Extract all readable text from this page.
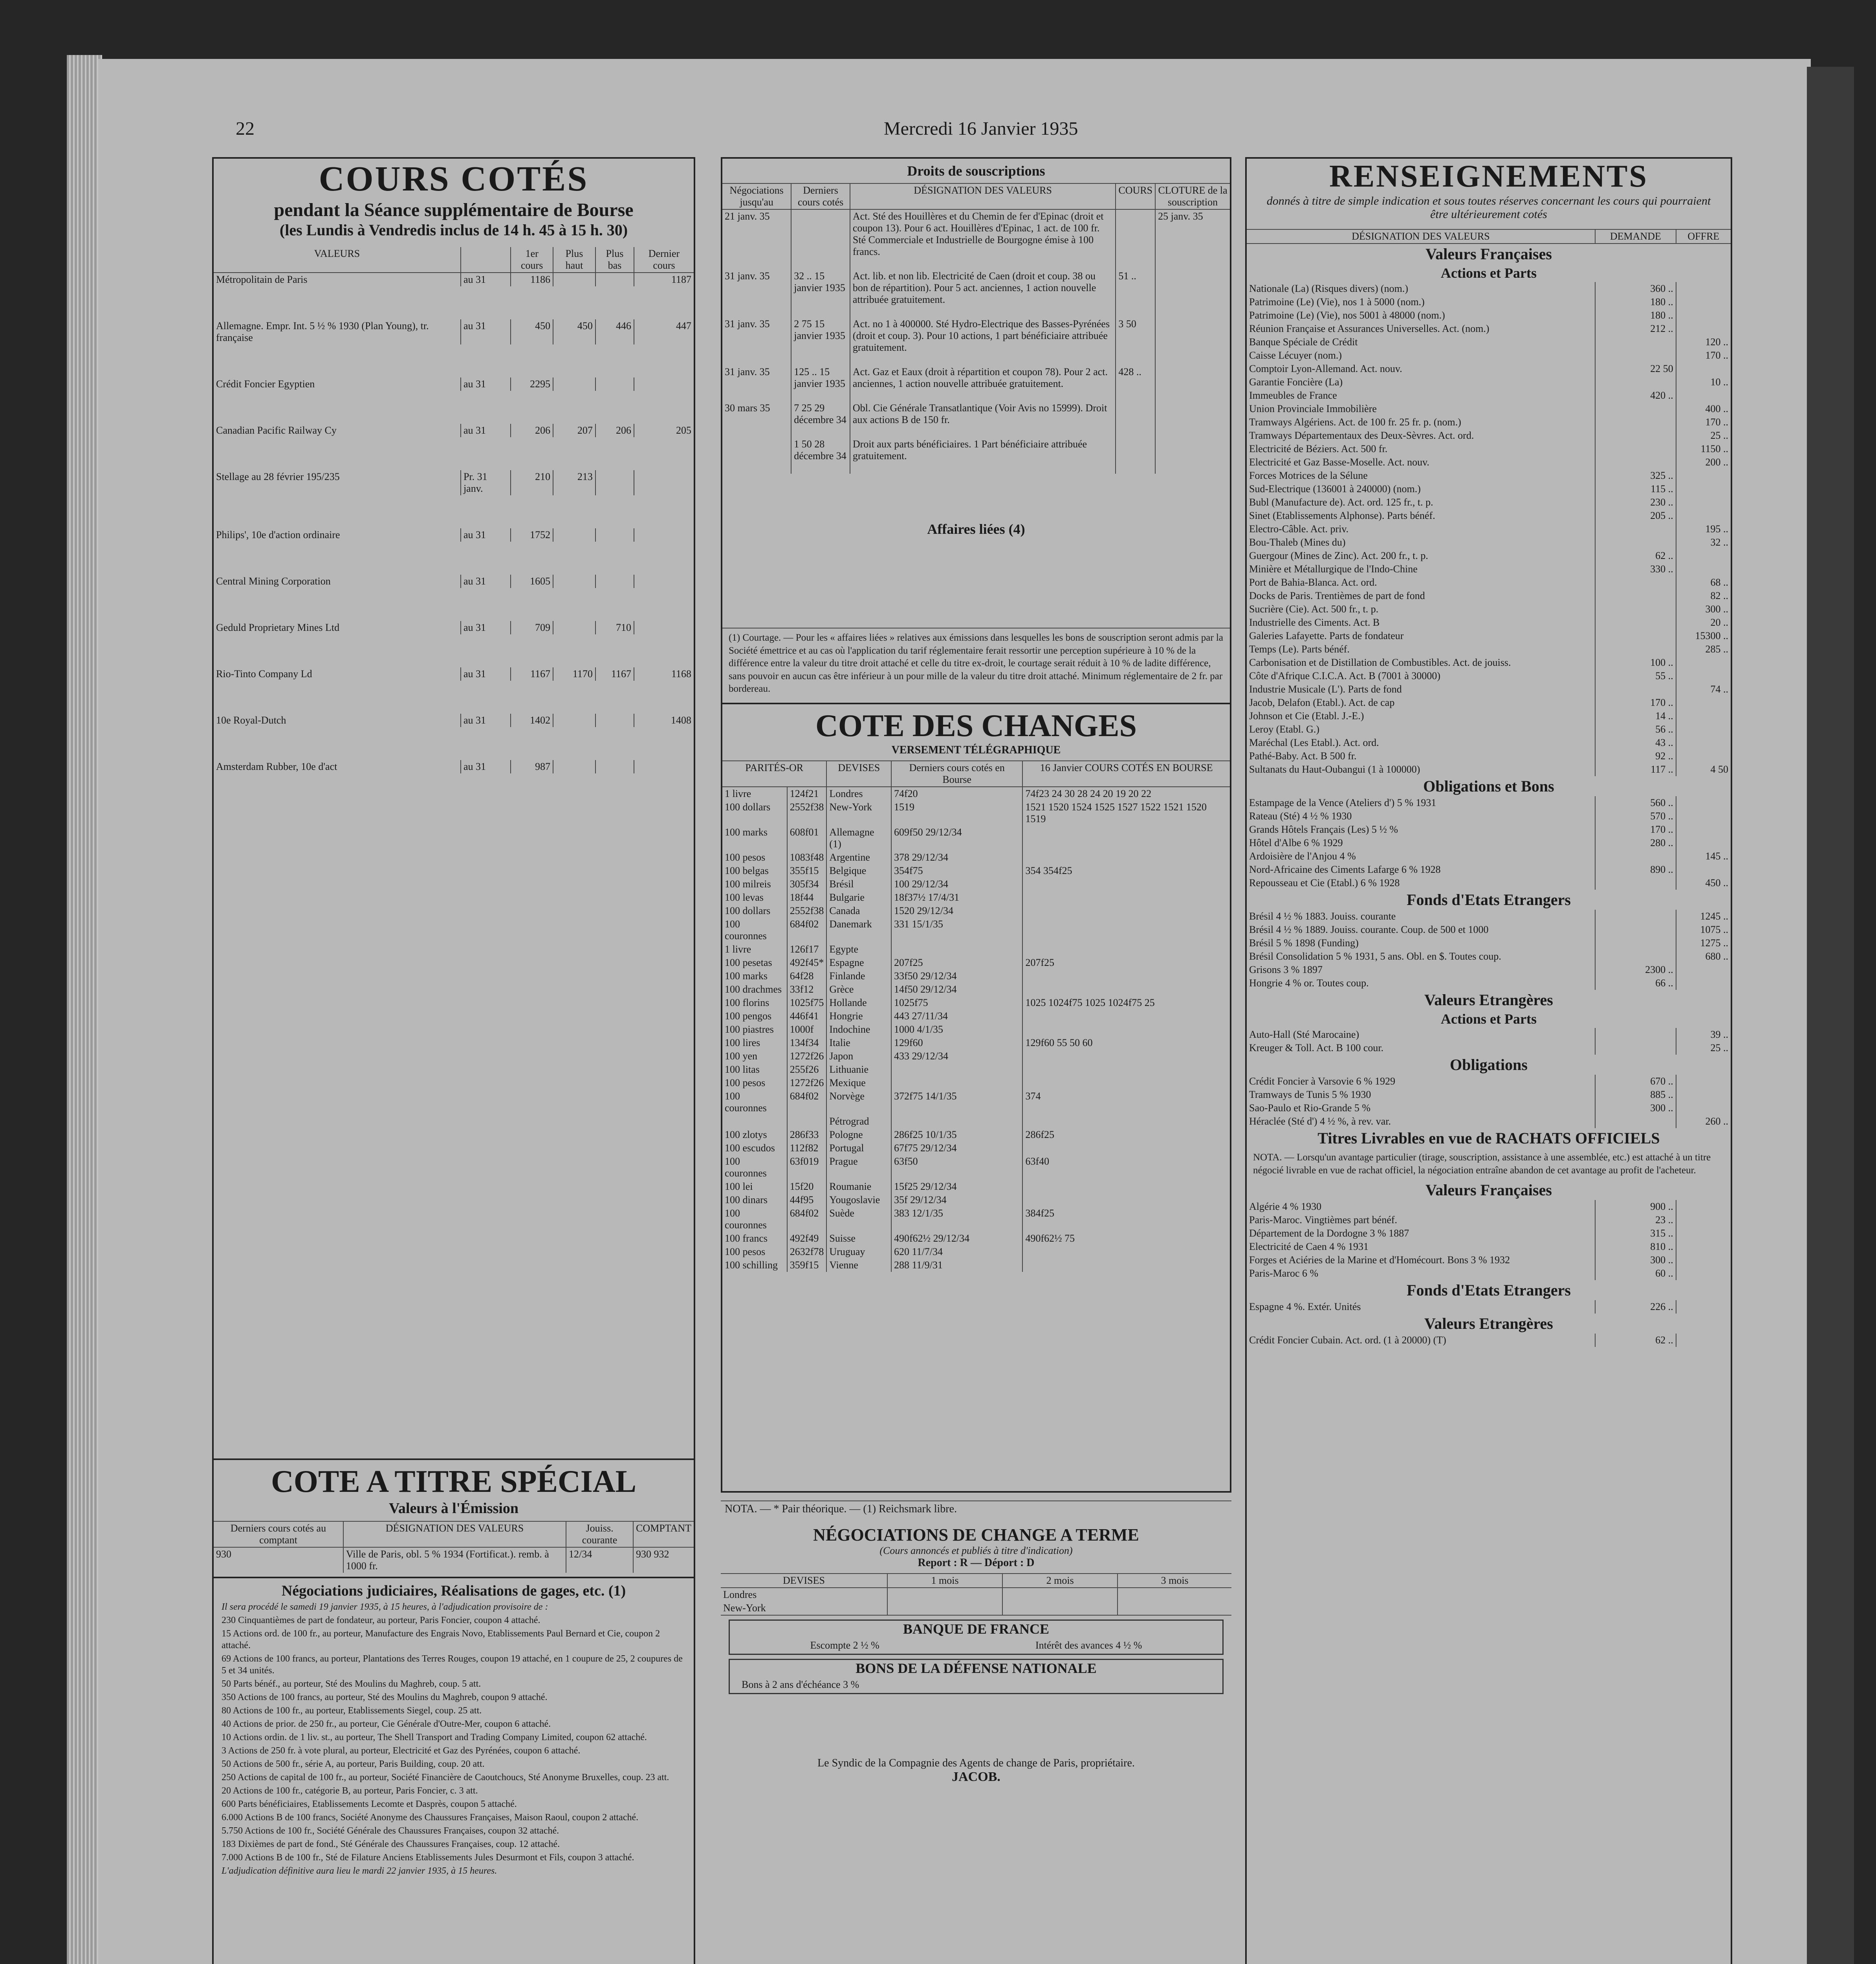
22	Mercredi 16 Janvier 1935
COURS COTÉS
pendant la Séance supplémentaire de Bourse
(les Lundis à Vendredis inclus de 14 h. 45 à 15 h. 30)
VALEURS		1er cours	Plus haut	Plus bas	Dernier cours
Métropolitain de Paris	au 31	1186			1187

Allemagne. Empr. Int. 5 ½ % 1930 (Plan Young), tr. française	au 31	450	450	446	447

Crédit Foncier Egyptien	au 31	2295			

Canadian Pacific Railway Cy	au 31	206	207	206	205

Stellage au 28 février 195/235	Pr. 31 janv.	210	213		

Philips', 10e d'action ordinaire	au 31	1752			

Central Mining Corporation	au 31	1605			

Geduld Proprietary Mines Ltd	au 31	709		710	

Rio-Tinto Company Ld	au 31	1167	1170	1167	1168

10e Royal-Dutch	au 31	1402			1408

Amsterdam Rubber, 10e d'act	au 31	987			

COTE A TITRE SPÉCIAL
Valeurs à l'Émission
Derniers cours cotés au comptant	DÉSIGNATION DES VALEURS	Jouiss. courante	COMPTANT
930	Ville de Paris, obl. 5 % 1934 (Fortificat.). remb. à 1000 fr.	12/34	930 932
Négociations judiciaires, Réalisations de gages, etc. (1)

Il sera procédé le samedi 19 janvier 1935, à 15 heures, à l'adjudication provisoire de :

230 Cinquantièmes de part de fondateur, au porteur, Paris Foncier, coupon 4 attaché.

15 Actions ord. de 100 fr., au porteur, Manufacture des Engrais Novo, Etablissements Paul Bernard et Cie, coupon 2 attaché.

69 Actions de 100 francs, au porteur, Plantations des Terres Rouges, coupon 19 attaché, en 1 coupure de 25, 2 coupures de 5 et 34 unités.

50 Parts bénéf., au porteur, Sté des Moulins du Maghreb, coup. 5 att.

350 Actions de 100 francs, au porteur, Sté des Moulins du Maghreb, coupon 9 attaché.

80 Actions de 100 fr., au porteur, Etablissements Siegel, coup. 25 att.

40 Actions de prior. de 250 fr., au porteur, Cie Générale d'Outre-Mer, coupon 6 attaché.

10 Actions ordin. de 1 liv. st., au porteur, The Shell Transport and Trading Company Limited, coupon 62 attaché.

3 Actions de 250 fr. à vote plural, au porteur, Electricité et Gaz des Pyrénées, coupon 6 attaché.

50 Actions de 500 fr., série A, au porteur, Paris Building, coup. 20 att.

250 Actions de capital de 100 fr., au porteur, Société Financière de Caoutchoucs, Sté Anonyme Bruxelles, coup. 23 att.

20 Actions de 100 fr., catégorie B, au porteur, Paris Foncier, c. 3 att.

600 Parts bénéficiaires, Etablissements Lecomte et Dasprès, coupon 5 attaché.

6.000 Actions B de 100 francs, Société Anonyme des Chaussures Françaises, Maison Raoul, coupon 2 attaché.

5.750 Actions de 100 fr., Société Générale des Chaussures Françaises, coupon 32 attaché.

183 Dixièmes de part de fond., Sté Générale des Chaussures Françaises, coup. 12 attaché.

7.000 Actions B de 100 fr., Sté de Filature Anciens Etablissements Jules Desurmont et Fils, coupon 3 attaché.

L'adjudication définitive aura lieu le mardi 22 janvier 1935, à 15 heures.

Droits de souscriptions
Négociations jusqu'au	Derniers cours cotés	DÉSIGNATION DES VALEURS	COURS	CLOTURE de la souscription
21 janv. 35		Act. Sté des Houillères et du Chemin de fer d'Epinac (droit et coupon 13). Pour 6 act. Houillères d'Epinac, 1 act. de 100 fr. Sté Commerciale et Industrielle de Bourgogne émise à 100 francs.		25 janv. 35
31 janv. 35	32 .. 15 janvier 1935	Act. lib. et non lib. Electricité de Caen (droit et coup. 38 ou bon de répartition). Pour 5 act. anciennes, 1 action nouvelle attribuée gratuitement.	51 ..	
31 janv. 35	2 75 15 janvier 1935	Act. no 1 à 400000. Sté Hydro-Electrique des Basses-Pyrénées (droit et coup. 3). Pour 10 actions, 1 part bénéficiaire attribuée gratuitement.	3 50	
31 janv. 35	125 .. 15 janvier 1935	Act. Gaz et Eaux (droit à répartition et coupon 78). Pour 2 act. anciennes, 1 action nouvelle attribuée gratuitement.	428 ..	
30 mars 35	7 25 29 décembre 34	Obl. Cie Générale Transatlantique (Voir Avis no 15999). Droit aux actions B de 150 fr.		
	1 50 28 décembre 34	Droit aux parts bénéficiaires. 1 Part bénéficiaire attribuée gratuitement.		
Affaires liées (4)
(1) Courtage. — Pour les « affaires liées » relatives aux émissions dans lesquelles les bons de souscription seront admis par la Société émettrice et au cas où l'application du tarif réglementaire ferait ressortir une perception supérieure à 10 % de la différence entre la valeur du titre droit attaché et celle du titre ex-droit, le courtage serait réduit à 10 % de ladite différence, sans pouvoir en aucun cas être inférieur à un pour mille de la valeur du titre droit attaché. Minimum réglementaire de 2 fr. par bordereau.
COTE DES CHANGES
VERSEMENT TÉLÉGRAPHIQUE
PARITÉS-OR		DEVISES	Derniers cours cotés en Bourse	16 Janvier COURS COTÉS EN BOURSE
1 livre	124f21	Londres	74f20	74f23 24 30 28 24 20 19 20 22
100 dollars	2552f38	New-York	1519	1521 1520 1524 1525 1527 1522 1521 1520 1519
100 marks	608f01	Allemagne (1)	609f50 29/12/34	
100 pesos	1083f48	Argentine	378 29/12/34	
100 belgas	355f15	Belgique	354f75	354 354f25
100 milreis	305f34	Brésil	100 29/12/34	
100 levas	18f44	Bulgarie	18f37½ 17/4/31	
100 dollars	2552f38	Canada	1520 29/12/34	
100 couronnes	684f02	Danemark	331 15/1/35	
1 livre	126f17	Egypte		
100 pesetas	492f45*	Espagne	207f25	207f25
100 marks	64f28	Finlande	33f50 29/12/34	
100 drachmes	33f12	Grèce	14f50 29/12/34	
100 florins	1025f75	Hollande	1025f75	1025 1024f75 1025 1024f75 25
100 pengos	446f41	Hongrie	443 27/11/34	
100 piastres	1000f	Indochine	1000 4/1/35	
100 lires	134f34	Italie	129f60	129f60 55 50 60
100 yen	1272f26	Japon	433 29/12/34	
100 litas	255f26	Lithuanie		
100 pesos	1272f26	Mexique		
100 couronnes	684f02	Norvège	372f75 14/1/35	374
		Pétrograd		
100 zlotys	286f33	Pologne	286f25 10/1/35	286f25
100 escudos	112f82	Portugal	67f75 29/12/34	
100 couronnes	63f019	Prague	63f50	63f40
100 lei	15f20	Roumanie	15f25 29/12/34	
100 dinars	44f95	Yougoslavie	35f 29/12/34	
100 couronnes	684f02	Suède	383 12/1/35	384f25
100 francs	492f49	Suisse	490f62½ 29/12/34	490f62½ 75
100 pesos	2632f78	Uruguay	620 11/7/34	
100 schilling	359f15	Vienne	288 11/9/31	
NOTA. — * Pair théorique. — (1) Reichsmark libre.
NÉGOCIATIONS DE CHANGE A TERME
(Cours annoncés et publiés à titre d'indication)
Report : R — Déport : D
DEVISES	1 mois	2 mois	3 mois
Londres			
New-York			
BANQUE DE FRANCE
Escompte 2 ½ %	Intérêt des avances 4 ½ %
BONS DE LA DÉFENSE NATIONALE
Bons à 2 ans d'échéance 3 %
Le Syndic de la Compagnie des Agents de change de Paris, propriétaire.
JACOB.
RENSEIGNEMENTS
donnés à titre de simple indication et sous toutes réserves concernant les cours qui pourraient être ultérieurement cotés
DÉSIGNATION DES VALEURS	DEMANDE	OFFRE
Valeurs Françaises		
Actions et Parts		
Nationale (La) (Risques divers) (nom.)	360 ..	
Patrimoine (Le) (Vie), nos 1 à 5000 (nom.)	180 ..	
Patrimoine (Le) (Vie), nos 5001 à 48000 (nom.)	180 ..	
Réunion Française et Assurances Universelles. Act. (nom.)	212 ..	
Banque Spéciale de Crédit		120 ..
Caisse Lécuyer (nom.)		170 ..
Comptoir Lyon-Allemand. Act. nouv.	22 50	
Garantie Foncière (La)		10 ..
Immeubles de France	420 ..	
Union Provinciale Immobilière		400 ..
Tramways Algériens. Act. de 100 fr. 25 fr. p. (nom.)		170 ..
Tramways Départementaux des Deux-Sèvres. Act. ord.		25 ..
Electricité de Béziers. Act. 500 fr.		1150 ..
Electricité et Gaz Basse-Moselle. Act. nouv.		200 ..
Forces Motrices de la Sélune	325 ..	
Sud-Electrique (136001 à 240000) (nom.)	115 ..	
Bubl (Manufacture de). Act. ord. 125 fr., t. p.	230 ..	
Sinet (Etablissements Alphonse). Parts bénéf.	205 ..	
Electro-Câble. Act. priv.		195 ..
Bou-Thaleb (Mines du)		32 ..
Guergour (Mines de Zinc). Act. 200 fr., t. p.	62 ..	
Minière et Métallurgique de l'Indo-Chine	330 ..	
Port de Bahia-Blanca. Act. ord.		68 ..
Docks de Paris. Trentièmes de part de fond		82 ..
Sucrière (Cie). Act. 500 fr., t. p.		300 ..
Industrielle des Ciments. Act. B		20 ..
Galeries Lafayette. Parts de fondateur		15300 ..
Temps (Le). Parts bénéf.		285 ..
Carbonisation et de Distillation de Combustibles. Act. de jouiss.	100 ..	
Côte d'Afrique C.I.C.A. Act. B (7001 à 30000)	55 ..	
Industrie Musicale (L'). Parts de fond		74 ..
Jacob, Delafon (Etabl.). Act. de cap	170 ..	
Johnson et Cie (Etabl. J.-E.)	14 ..	
Leroy (Etabl. G.)	56 ..	
Maréchal (Les Etabl.). Act. ord.	43 ..	
Pathé-Baby. Act. B 500 fr.	92 ..	
Sultanats du Haut-Oubangui (1 à 100000)	117 ..	4 50
Obligations et Bons		
Estampage de la Vence (Ateliers d') 5 % 1931	560 ..	
Rateau (Sté) 4 ½ % 1930	570 ..	
Grands Hôtels Français (Les) 5 ½ %	170 ..	
Hôtel d'Albe 6 % 1929	280 ..	
Ardoisière de l'Anjou 4 %		145 ..
Nord-Africaine des Ciments Lafarge 6 % 1928	890 ..	
Repousseau et Cie (Etabl.) 6 % 1928		450 ..
Fonds d'Etats Etrangers		
Brésil 4 ½ % 1883. Jouiss. courante		1245 ..
Brésil 4 ½ % 1889. Jouiss. courante. Coup. de 500 et 1000		1075 ..
Brésil 5 % 1898 (Funding)		1275 ..
Brésil Consolidation 5 % 1931, 5 ans. Obl. en $. Toutes coup.		680 ..
Grisons 3 % 1897	2300 ..	
Hongrie 4 % or. Toutes coup.	66 ..	
Valeurs Etrangères		
Actions et Parts		
Auto-Hall (Sté Marocaine)		39 ..
Kreuger & Toll. Act. B 100 cour.		25 ..
Obligations		
Crédit Foncier à Varsovie 6 % 1929	670 ..	
Tramways de Tunis 5 % 1930	885 ..	
Sao-Paulo et Rio-Grande 5 %	300 ..	
Héraclée (Sté d') 4 ½ %, à rev. var.		260 ..
Titres Livrables en vue de RACHATS OFFICIELS		
NOTA. — Lorsqu'un avantage particulier (tirage, souscription, assistance à une assemblée, etc.) est attaché à un titre négocié livrable en vue de rachat officiel, la négociation entraîne abandon de cet avantage au profit de l'acheteur.		
Valeurs Françaises		
Algérie 4 % 1930	900 ..	
Paris-Maroc. Vingtièmes part bénéf.	23 ..	
Département de la Dordogne 3 % 1887	315 ..	
Electricité de Caen 4 % 1931	810 ..	
Forges et Aciéries de la Marine et d'Homécourt. Bons 3 % 1932	300 ..	
Paris-Maroc 6 %	60 ..	
Fonds d'Etats Etrangers		
Espagne 4 %. Extér. Unités	226 ..	
Valeurs Etrangères		
Crédit Foncier Cubain. Act. ord. (1 à 20000) (T)	62 ..	
